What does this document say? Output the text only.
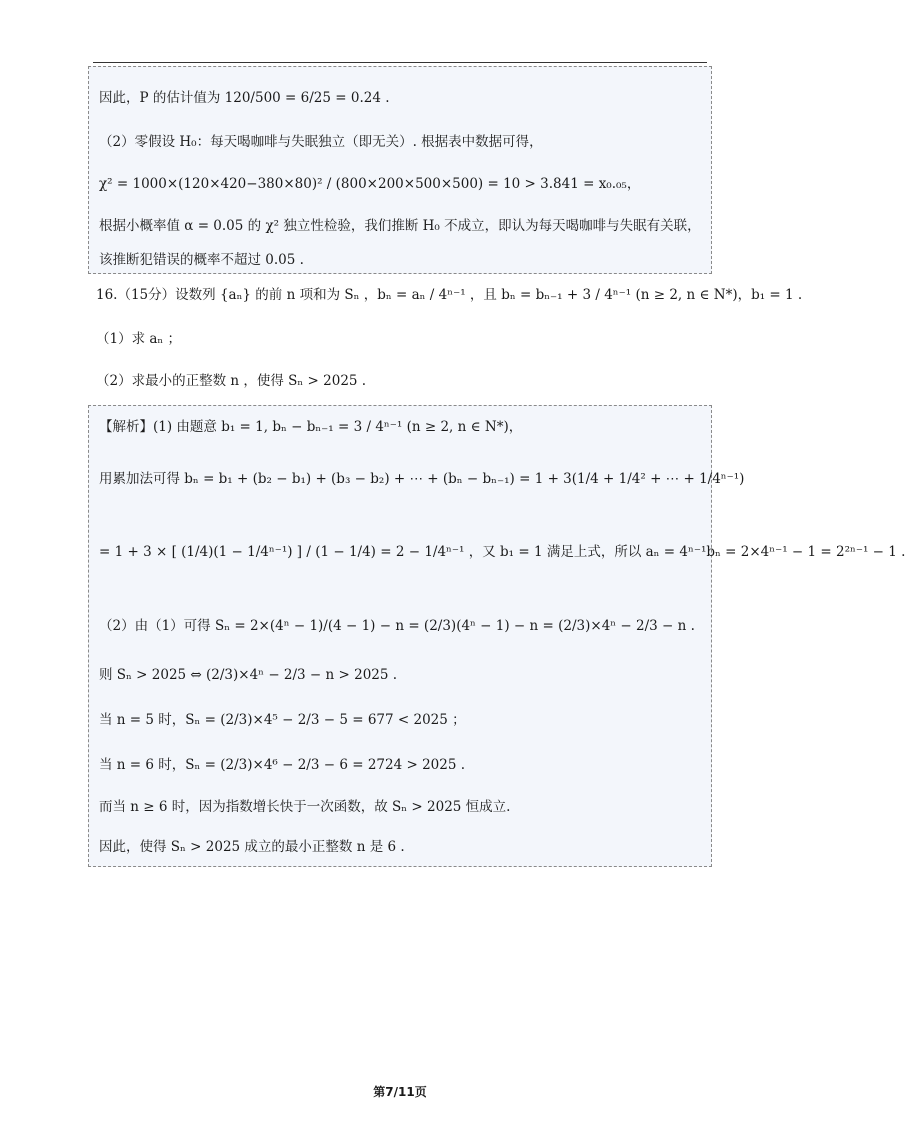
因此，P 的估计值为 120/500 = 6/25 = 0.24 .
（2）零假设 H₀：每天喝咖啡与失眠独立（即无关）. 根据表中数据可得，
χ² = 1000×(120×420−380×80)² / (800×200×500×500) = 10 > 3.841 = x₀.₀₅，
根据小概率值 α = 0.05 的 χ² 独立性检验，我们推断 H₀ 不成立，即认为每天喝咖啡与失眠有关联，
该推断犯错误的概率不超过 0.05 .
16.（15分）设数列 {aₙ} 的前 n 项和为 Sₙ ，bₙ = aₙ / 4ⁿ⁻¹ ，且 bₙ = bₙ₋₁ + 3 / 4ⁿ⁻¹ (n ≥ 2, n ∈ N*)，b₁ = 1 .
（1）求 aₙ ；
（2）求最小的正整数 n ，使得 Sₙ > 2025 .
【解析】(1) 由题意 b₁ = 1, bₙ − bₙ₋₁ = 3 / 4ⁿ⁻¹ (n ≥ 2, n ∈ N*)，
用累加法可得 bₙ = b₁ + (b₂ − b₁) + (b₃ − b₂) + ⋯ + (bₙ − bₙ₋₁) = 1 + 3(1/4 + 1/4² + ⋯ + 1/4ⁿ⁻¹)
= 1 + 3 × [ (1/4)(1 − 1/4ⁿ⁻¹) ] / (1 − 1/4) = 2 − 1/4ⁿ⁻¹ ，又 b₁ = 1 满足上式，所以 aₙ = 4ⁿ⁻¹bₙ = 2×4ⁿ⁻¹ − 1 = 2²ⁿ⁻¹ − 1 .
（2）由（1）可得 Sₙ = 2×(4ⁿ − 1)/(4 − 1) − n = (2/3)(4ⁿ − 1) − n = (2/3)×4ⁿ − 2/3 − n .
则 Sₙ > 2025 ⇔ (2/3)×4ⁿ − 2/3 − n > 2025 .
当 n = 5 时，Sₙ = (2/3)×4⁵ − 2/3 − 5 = 677 < 2025 ；
当 n = 6 时，Sₙ = (2/3)×4⁶ − 2/3 − 6 = 2724 > 2025 .
而当 n ≥ 6 时，因为指数增长快于一次函数，故 Sₙ > 2025 恒成立.
因此，使得 Sₙ > 2025 成立的最小正整数 n 是 6 .
第7/11页
